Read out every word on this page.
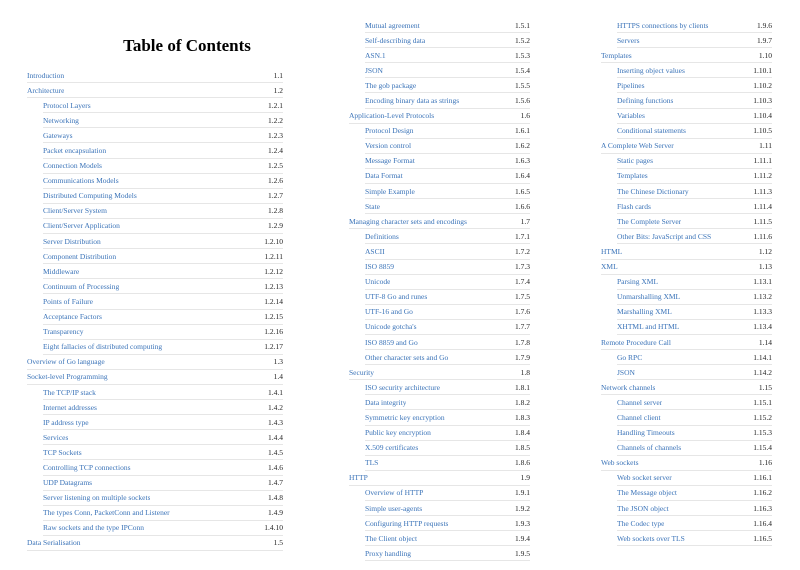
Table of Contents
Introduction	1.1
Architecture	1.2
Protocol Layers	1.2.1
Networking	1.2.2
Gateways	1.2.3
Packet encapsulation	1.2.4
Connection Models	1.2.5
Communications Models	1.2.6
Distributed Computing Models	1.2.7
Client/Server System	1.2.8
Client/Server Application	1.2.9
Server Distribution	1.2.10
Component Distribution	1.2.11
Middleware	1.2.12
Continuum of Processing	1.2.13
Points of Failure	1.2.14
Acceptance Factors	1.2.15
Transparency	1.2.16
Eight fallacies of distributed computing	1.2.17
Overview of Go language	1.3
Socket-level Programming	1.4
The TCP/IP stack	1.4.1
Internet addresses	1.4.2
IP address type	1.4.3
Services	1.4.4
TCP Sockets	1.4.5
Controlling TCP connections	1.4.6
UDP Datagrams	1.4.7
Server listening on multiple sockets	1.4.8
The types Conn, PacketConn and Listener	1.4.9
Raw sockets and the type IPConn	1.4.10
Data Serialisation	1.5
Mutual agreement	1.5.1
Self-describing data	1.5.2
ASN.1	1.5.3
JSON	1.5.4
The gob package	1.5.5
Encoding binary data as strings	1.5.6
Application-Level Protocols	1.6
Protocol Design	1.6.1
Version control	1.6.2
Message Format	1.6.3
Data Format	1.6.4
Simple Example	1.6.5
State	1.6.6
Managing character sets and encodings	1.7
Definitions	1.7.1
ASCII	1.7.2
ISO 8859	1.7.3
Unicode	1.7.4
UTF-8 Go and runes	1.7.5
UTF-16 and Go	1.7.6
Unicode gotcha's	1.7.7
ISO 8859 and Go	1.7.8
Other character sets and Go	1.7.9
Security	1.8
ISO security architecture	1.8.1
Data integrity	1.8.2
Symmetric key encryption	1.8.3
Public key encryption	1.8.4
X.509 certificates	1.8.5
TLS	1.8.6
HTTP	1.9
Overview of HTTP	1.9.1
Simple user-agents	1.9.2
Configuring HTTP requests	1.9.3
The Client object	1.9.4
Proxy handling	1.9.5
HTTPS connections by clients	1.9.6
Servers	1.9.7
Templates	1.10
Inserting object values	1.10.1
Pipelines	1.10.2
Defining functions	1.10.3
Variables	1.10.4
Conditional statements	1.10.5
A Complete Web Server	1.11
Static pages	1.11.1
Templates	1.11.2
The Chinese Dictionary	1.11.3
Flash cards	1.11.4
The Complete Server	1.11.5
Other Bits: JavaScript and CSS	1.11.6
HTML	1.12
XML	1.13
Parsing XML	1.13.1
Unmarshalling XML	1.13.2
Marshalling XML	1.13.3
XHTML and HTML	1.13.4
Remote Procedure Call	1.14
Go RPC	1.14.1
JSON	1.14.2
Network channels	1.15
Channel server	1.15.1
Channel client	1.15.2
Handling Timeouts	1.15.3
Channels of channels	1.15.4
Web sockets	1.16
Web socket server	1.16.1
The Message object	1.16.2
The JSON object	1.16.3
The Codec type	1.16.4
Web sockets over TLS	1.16.5
